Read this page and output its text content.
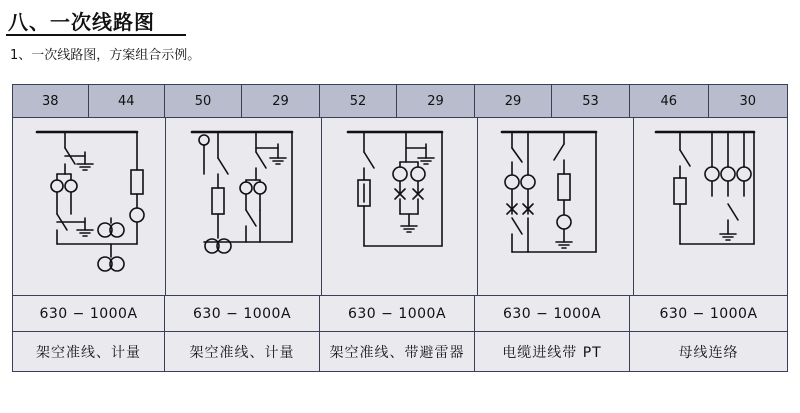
八、一次线路图
1、一次线路图，方案组合示例。
38	44	50	29	52	29	29	53	46	30
630 − 1000A	630 − 1000A	630 − 1000A	630 − 1000A	630 − 1000A
架空准线、计量	架空准线、计量	架空准线、带避雷器	电缆进线带 PT	母线连络
